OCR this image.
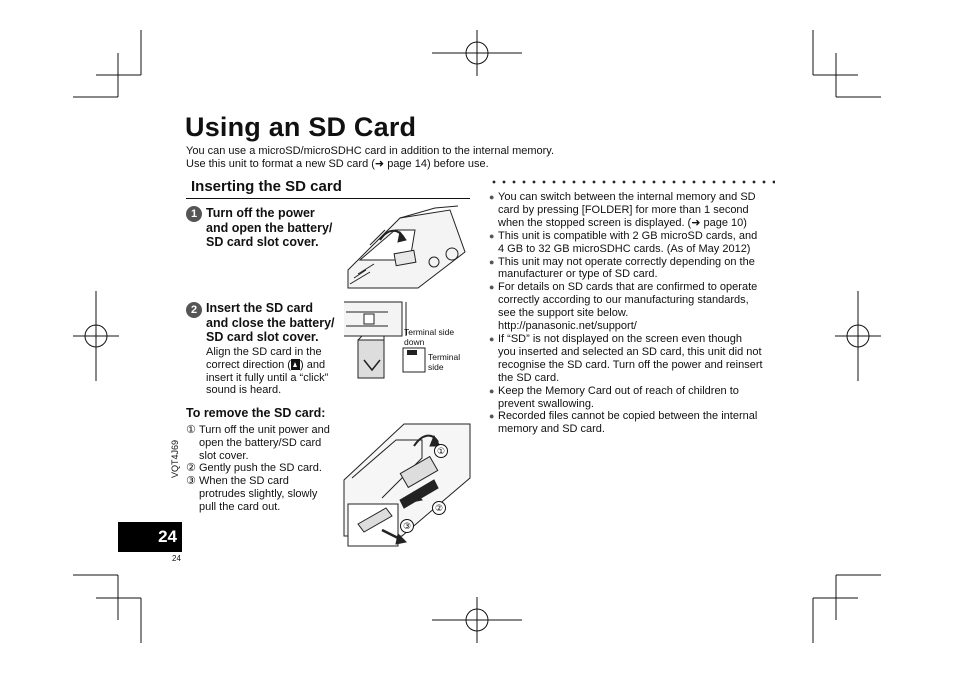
Using an SD Card
You can use a microSD/microSDHC card in addition to the internal memory.
Use this unit to format a new SD card (➜ page 14) before use.
Inserting the SD card
1 Turn off the power
and open the battery/
SD card slot cover.
2 Insert the SD card
and close the battery/
SD card slot cover.
Align the SD card in the
correct direction ( ) and
insert it fully until a “click”
sound is heard.
Terminal side
down
Terminal
side
To remove the SD card:
① Turn off the unit power and
open the battery/SD card
slot cover.
② Gently push the SD card.
③ When the SD card
protrudes slightly, slowly
pull the card out.
①
②
③
● You can switch between the internal memory and SD
card by pressing [FOLDER] for more than 1 second
when the stopped screen is displayed. (➜ page 10)
● This unit is compatible with 2 GB microSD cards, and
4 GB to 32 GB microSDHC cards. (As of May 2012)
● This unit may not operate correctly depending on the
manufacturer or type of SD card.
● For details on SD cards that are confirmed to operate
correctly according to our manufacturing standards,
see the support site below.
http://panasonic.net/support/
● If “SD” is not displayed on the screen even though
you inserted and selected an SD card, this unit did not
recognise the SD card. Turn off the power and reinsert
the SD card.
● Keep the Memory Card out of reach of children to
prevent swallowing.
● Recorded files cannot be copied between the internal
memory and SD card.
VQT4J69
24
24
